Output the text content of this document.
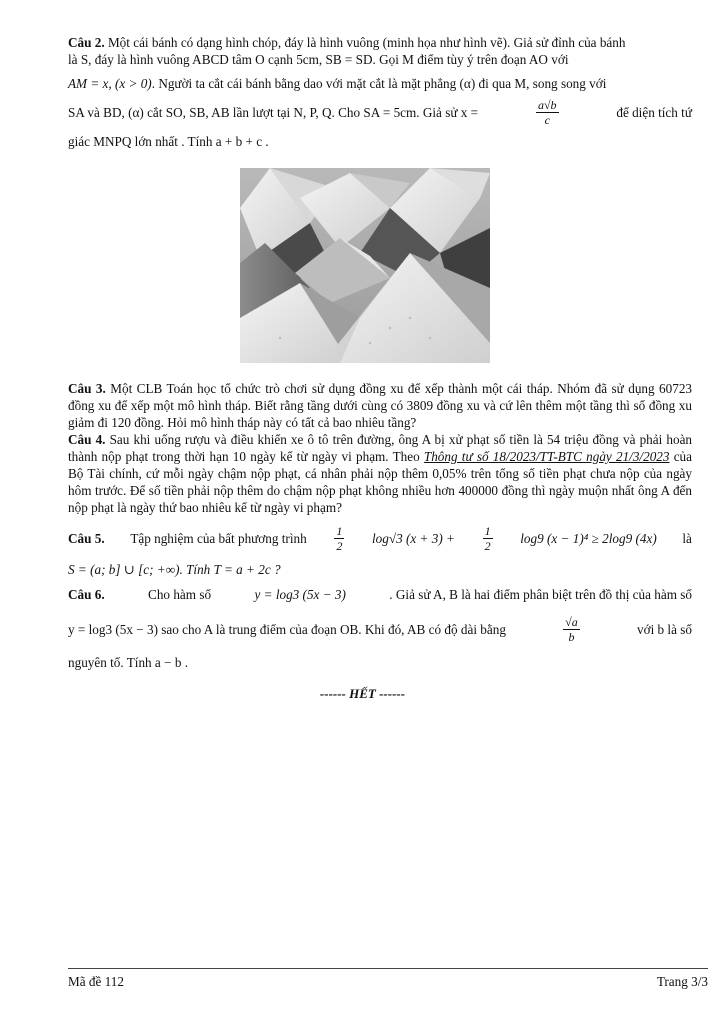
Câu 2. Một cái bánh có dạng hình chóp, đáy là hình vuông (minh họa như hình vẽ). Giả sử đỉnh của bánh
là S, đáy là hình vuông ABCD tâm O cạnh 5cm, SB = SD. Gọi M điểm tùy ý trên đoạn AO với

AM = x, (x > 0). Người ta cắt cái bánh bằng dao với mặt cắt là mặt phẳng (α) đi qua M, song song với

SA và BD, (α) cắt SO, SB, AB lần lượt tại N, P, Q. Cho SA = 5cm. Giả sử x =	$\frac{a√b}{c}$	để diện tích tứ

giác MNPQ lớn nhất . Tính a + b + c .

Câu 3. Một CLB Toán học tổ chức trò chơi sử dụng đồng xu để xếp thành một cái tháp. Nhóm đã sử dụng 60723 đồng xu để xếp một mô hình tháp. Biết rằng tầng dưới cùng có 3809 đồng xu và cứ lên thêm một tầng thì số đồng xu giảm đi 120 đồng. Hỏi mô hình tháp này có tất cả bao nhiêu tầng?

Câu 4. Sau khi uống rượu và điều khiển xe ô tô trên đường, ông A bị xử phạt số tiền là 54 triệu đồng và phải hoàn thành nộp phạt trong thời hạn 10 ngày kể từ ngày vi phạm. Theo Thông tư số 18/2023/TT-BTC ngày 21/3/2023 của Bộ Tài chính, cứ mỗi ngày chậm nộp phạt, cá nhân phải nộp thêm 0,05% trên tổng số tiền phạt chưa nộp của ngày hôm trước. Để số tiền phải nộp thêm do chậm nộp phạt không nhiều hơn 400000 đồng thì ngày muộn nhất ông A đến nộp phạt là ngày thứ bao nhiêu kể từ ngày vi phạm?

Câu 5. Tập nghiệm của bất phương trình $\frac{1}{2} \log√3$ $(x + 3) + \frac{1}{2} \log 9$ (x − 1)⁴ ≥ 2log9 (4x) là

S = (a; b] ∪ [c; +∞). Tính T = a + 2c ?

Câu 6.	Cho hàm số	y = log3 (5x − 3)	. Giả sử A, B là hai điểm phân biệt trên đồ thị của hàm số
y = log3 (5x − 3) sao cho A là trung điểm của đoạn OB. Khi đó, AB có độ dài bằng	$\frac{√a}{b}$	với b là số

nguyên tố. Tính a − b .

------ HẾT ------
Mã đề 112	Trang 3/3
